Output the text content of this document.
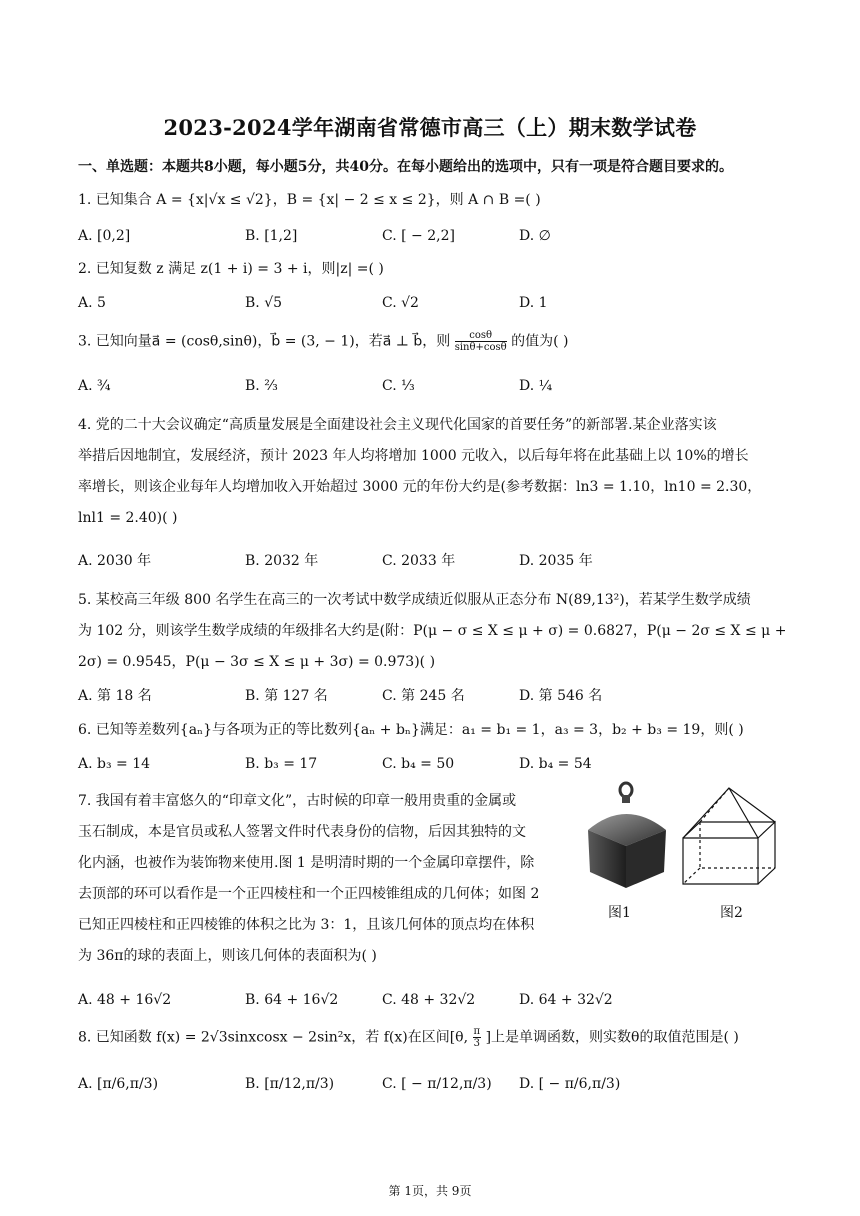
2023-2024学年湖南省常德市高三（上）期末数学试卷
一、单选题：本题共8小题，每小题5分，共40分。在每小题给出的选项中，只有一项是符合题目要求的。
1. 已知集合 A = {x|√x ≤ √2}，B = {x| − 2 ≤ x ≤ 2}，则 A ∩ B =( )
A. [0,2]	B. [1,2]	C. [ − 2,2]	D. ∅
2. 已知复数 z 满足 z(1 + i) = 3 + i，则|z| =( )
A. 5	B. √5	C. √2	D. 1
3. 已知向量a⃗ = (cosθ,sinθ)，b⃗ = (3, − 1)，若a⃗ ⊥ b⃗，则 $\frac{\cos\theta}{\sin\theta+\cos\theta}$ 的值为( )
A. ¾	B. ⅔	C. ⅓	D. ¼
4. 党的二十大会议确定“高质量发展是全面建设社会主义现代化国家的首要任务”的新部署.某企业落实该
举措后因地制宜，发展经济，预计 2023 年人均将增加 1000 元收入，以后每年将在此基础上以 10%的增长
率增长，则该企业每年人均增加收入开始超过 3000 元的年份大约是(参考数据：ln3 = 1.10，ln10 = 2.30，
lnl1 = 2.40)( )
A. 2030 年	B. 2032 年	C. 2033 年	D. 2035 年
5. 某校高三年级 800 名学生在高三的一次考试中数学成绩近似服从正态分布 N(89,13²)，若某学生数学成绩
为 102 分，则该学生数学成绩的年级排名大约是(附：P(μ − σ ≤ X ≤ μ + σ) = 0.6827，P(μ − 2σ ≤ X ≤ μ +
2σ) = 0.9545，P(μ − 3σ ≤ X ≤ μ + 3σ) = 0.973)( )
A. 第 18 名	B. 第 127 名	C. 第 245 名	D. 第 546 名
6. 已知等差数列{aₙ}与各项为正的等比数列{aₙ + bₙ}满足：a₁ = b₁ = 1，a₃ = 3，b₂ + b₃ = 19，则( )
A. b₃ = 14	B. b₃ = 17	C. b₄ = 50	D. b₄ = 54
7. 我国有着丰富悠久的“印章文化”，古时候的印章一般用贵重的金属或
玉石制成，本是官员或私人签署文件时代表身份的信物，后因其独特的文
化内涵，也被作为装饰物来使用.图 1 是明清时期的一个金属印章摆件，除
去顶部的环可以看作是一个正四棱柱和一个正四棱锥组成的几何体；如图 2
已知正四棱柱和正四棱锥的体积之比为 3：1，且该几何体的顶点均在体积
为 36π的球的表面上，则该几何体的表面积为( )
图1	图2
A. 48 + 16√2	B. 64 + 16√2	C. 48 + 32√2	D. 64 + 32√2
8. 已知函数 f(x) = 2√3sinxcosx − 2sin²x，若 f(x)在区间[θ, $\frac{\pi}{3}$ ]上是单调函数，则实数θ的取值范围是( )
A. [π/6,π/3)	B. [π/12,π/3)	C. [ − π/12,π/3) D. [ − π/6,π/3)
第 1页，共 9页
